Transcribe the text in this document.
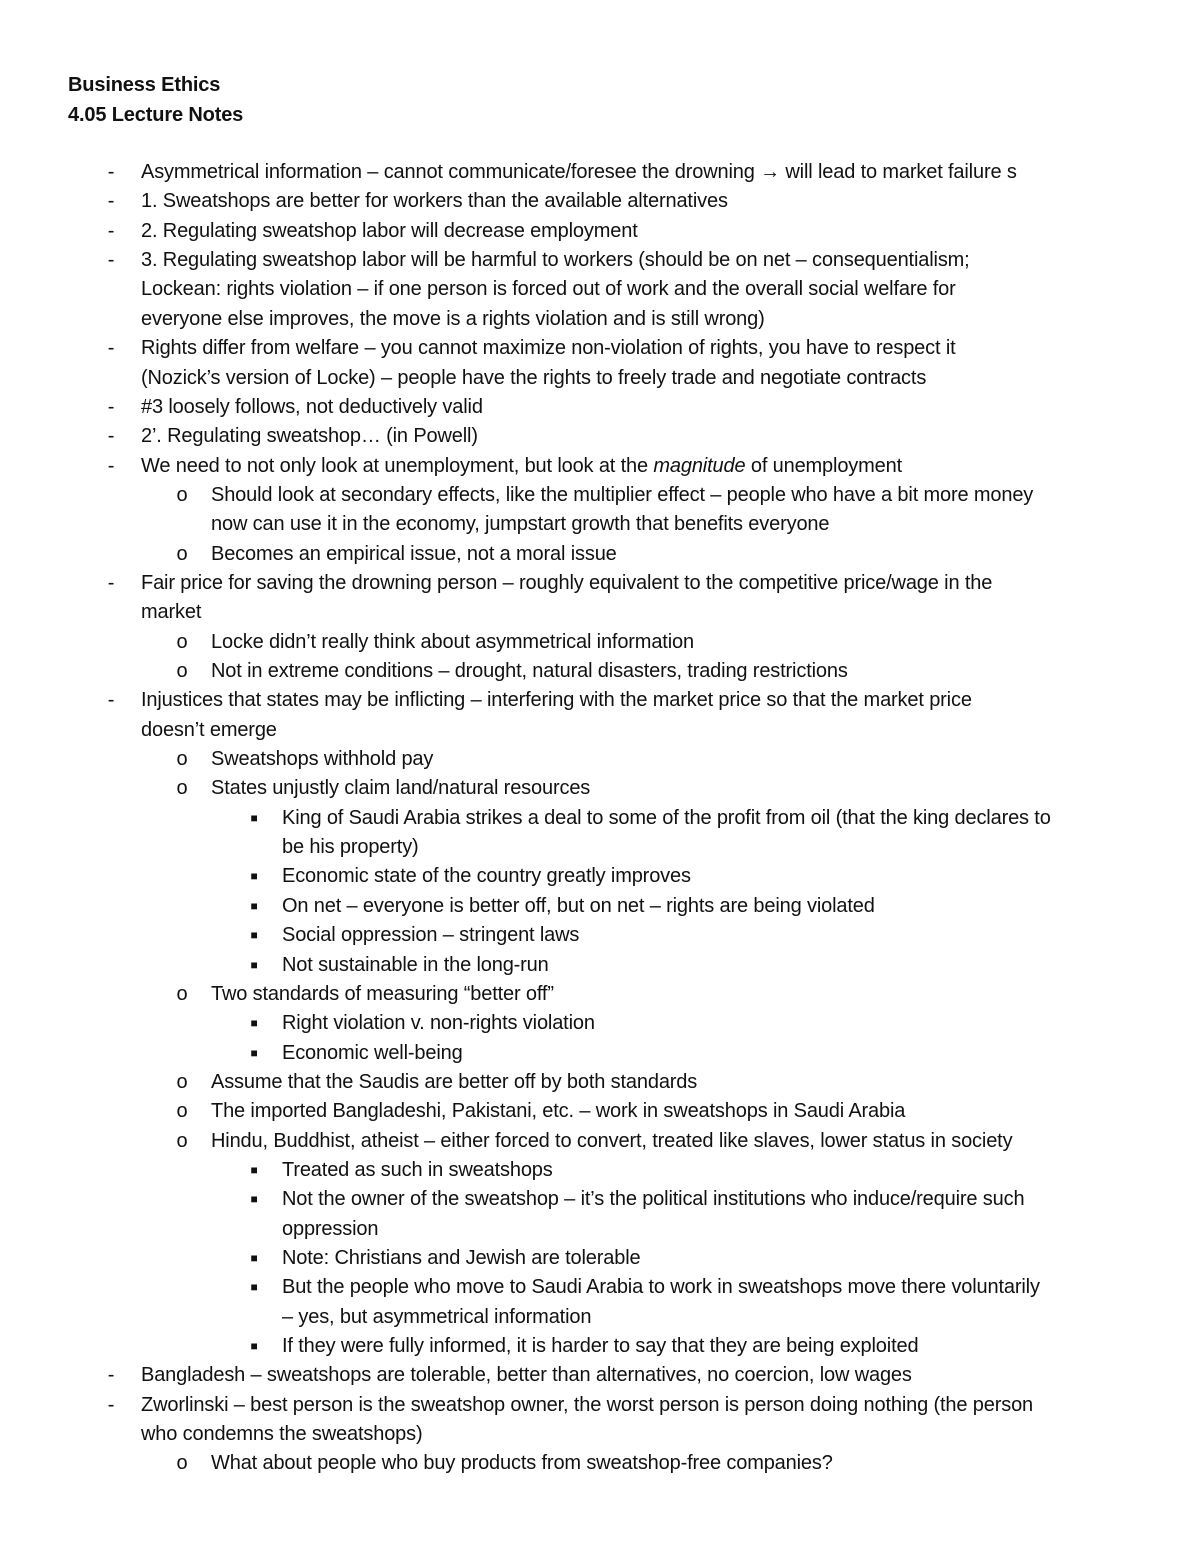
Business Ethics
4.05 Lecture Notes
- Asymmetrical information – cannot communicate/foresee the drowning → will lead to market failure s
- 1. Sweatshops are better for workers than the available alternatives
- 2. Regulating sweatshop labor will decrease employment
- 3. Regulating sweatshop labor will be harmful to workers (should be on net – consequentialism;
Lockean: rights violation – if one person is forced out of work and the overall social welfare for
everyone else improves, the move is a rights violation and is still wrong)
- Rights differ from welfare – you cannot maximize non-violation of rights, you have to respect it
(Nozick’s version of Locke) – people have the rights to freely trade and negotiate contracts
- #3 loosely follows, not deductively valid
- 2’. Regulating sweatshop… (in Powell)
- We need to not only look at unemployment, but look at the magnitude of unemployment
o Should look at secondary effects, like the multiplier effect – people who have a bit more money
now can use it in the economy, jumpstart growth that benefits everyone
o Becomes an empirical issue, not a moral issue
- Fair price for saving the drowning person – roughly equivalent to the competitive price/wage in the
market
o Locke didn’t really think about asymmetrical information
o Not in extreme conditions – drought, natural disasters, trading restrictions
- Injustices that states may be inflicting – interfering with the market price so that the market price
doesn’t emerge
o Sweatshops withhold pay
o States unjustly claim land/natural resources
■ King of Saudi Arabia strikes a deal to some of the profit from oil (that the king declares to
be his property)
■ Economic state of the country greatly improves
■ On net – everyone is better off, but on net – rights are being violated
■ Social oppression – stringent laws
■ Not sustainable in the long-run
o Two standards of measuring “better off”
■ Right violation v. non-rights violation
■ Economic well-being
o Assume that the Saudis are better off by both standards
o The imported Bangladeshi, Pakistani, etc. – work in sweatshops in Saudi Arabia
o Hindu, Buddhist, atheist – either forced to convert, treated like slaves, lower status in society
■ Treated as such in sweatshops
■ Not the owner of the sweatshop – it’s the political institutions who induce/require such
oppression
■ Note: Christians and Jewish are tolerable
■ But the people who move to Saudi Arabia to work in sweatshops move there voluntarily
– yes, but asymmetrical information
■ If they were fully informed, it is harder to say that they are being exploited
- Bangladesh – sweatshops are tolerable, better than alternatives, no coercion, low wages
- Zworlinski – best person is the sweatshop owner, the worst person is person doing nothing (the person
who condemns the sweatshops)
o What about people who buy products from sweatshop-free companies?
